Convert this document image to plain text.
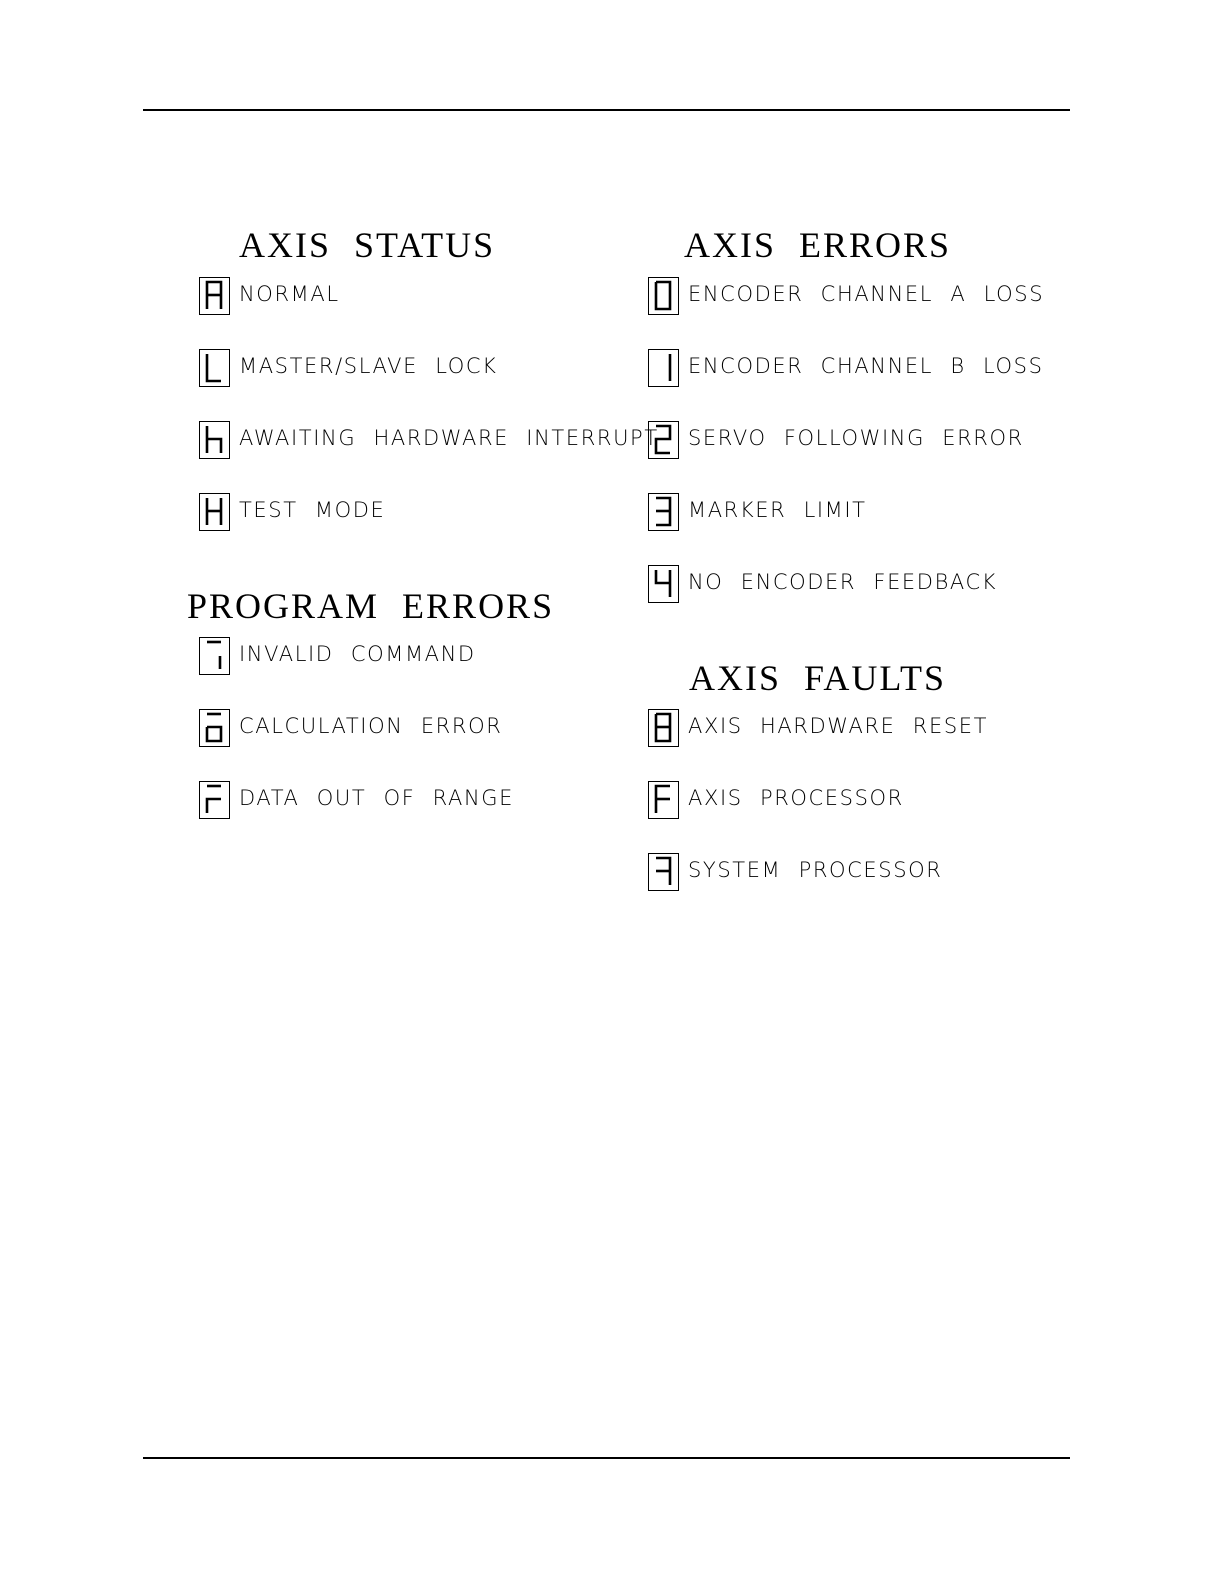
AXIS STATUS
NORMAL
MASTER/SLAVE LOCK
AWAITING HARDWARE INTERRUPT
TEST MODE
PROGRAM ERRORS
INVALID COMMAND
CALCULATION ERROR
DATA OUT OF RANGE
AXIS ERRORS
ENCODER CHANNEL A LOSS
ENCODER CHANNEL B LOSS
SERVO FOLLOWING ERROR
MARKER LIMIT
NO ENCODER FEEDBACK
AXIS FAULTS
AXIS HARDWARE RESET
AXIS PROCESSOR
SYSTEM PROCESSOR
